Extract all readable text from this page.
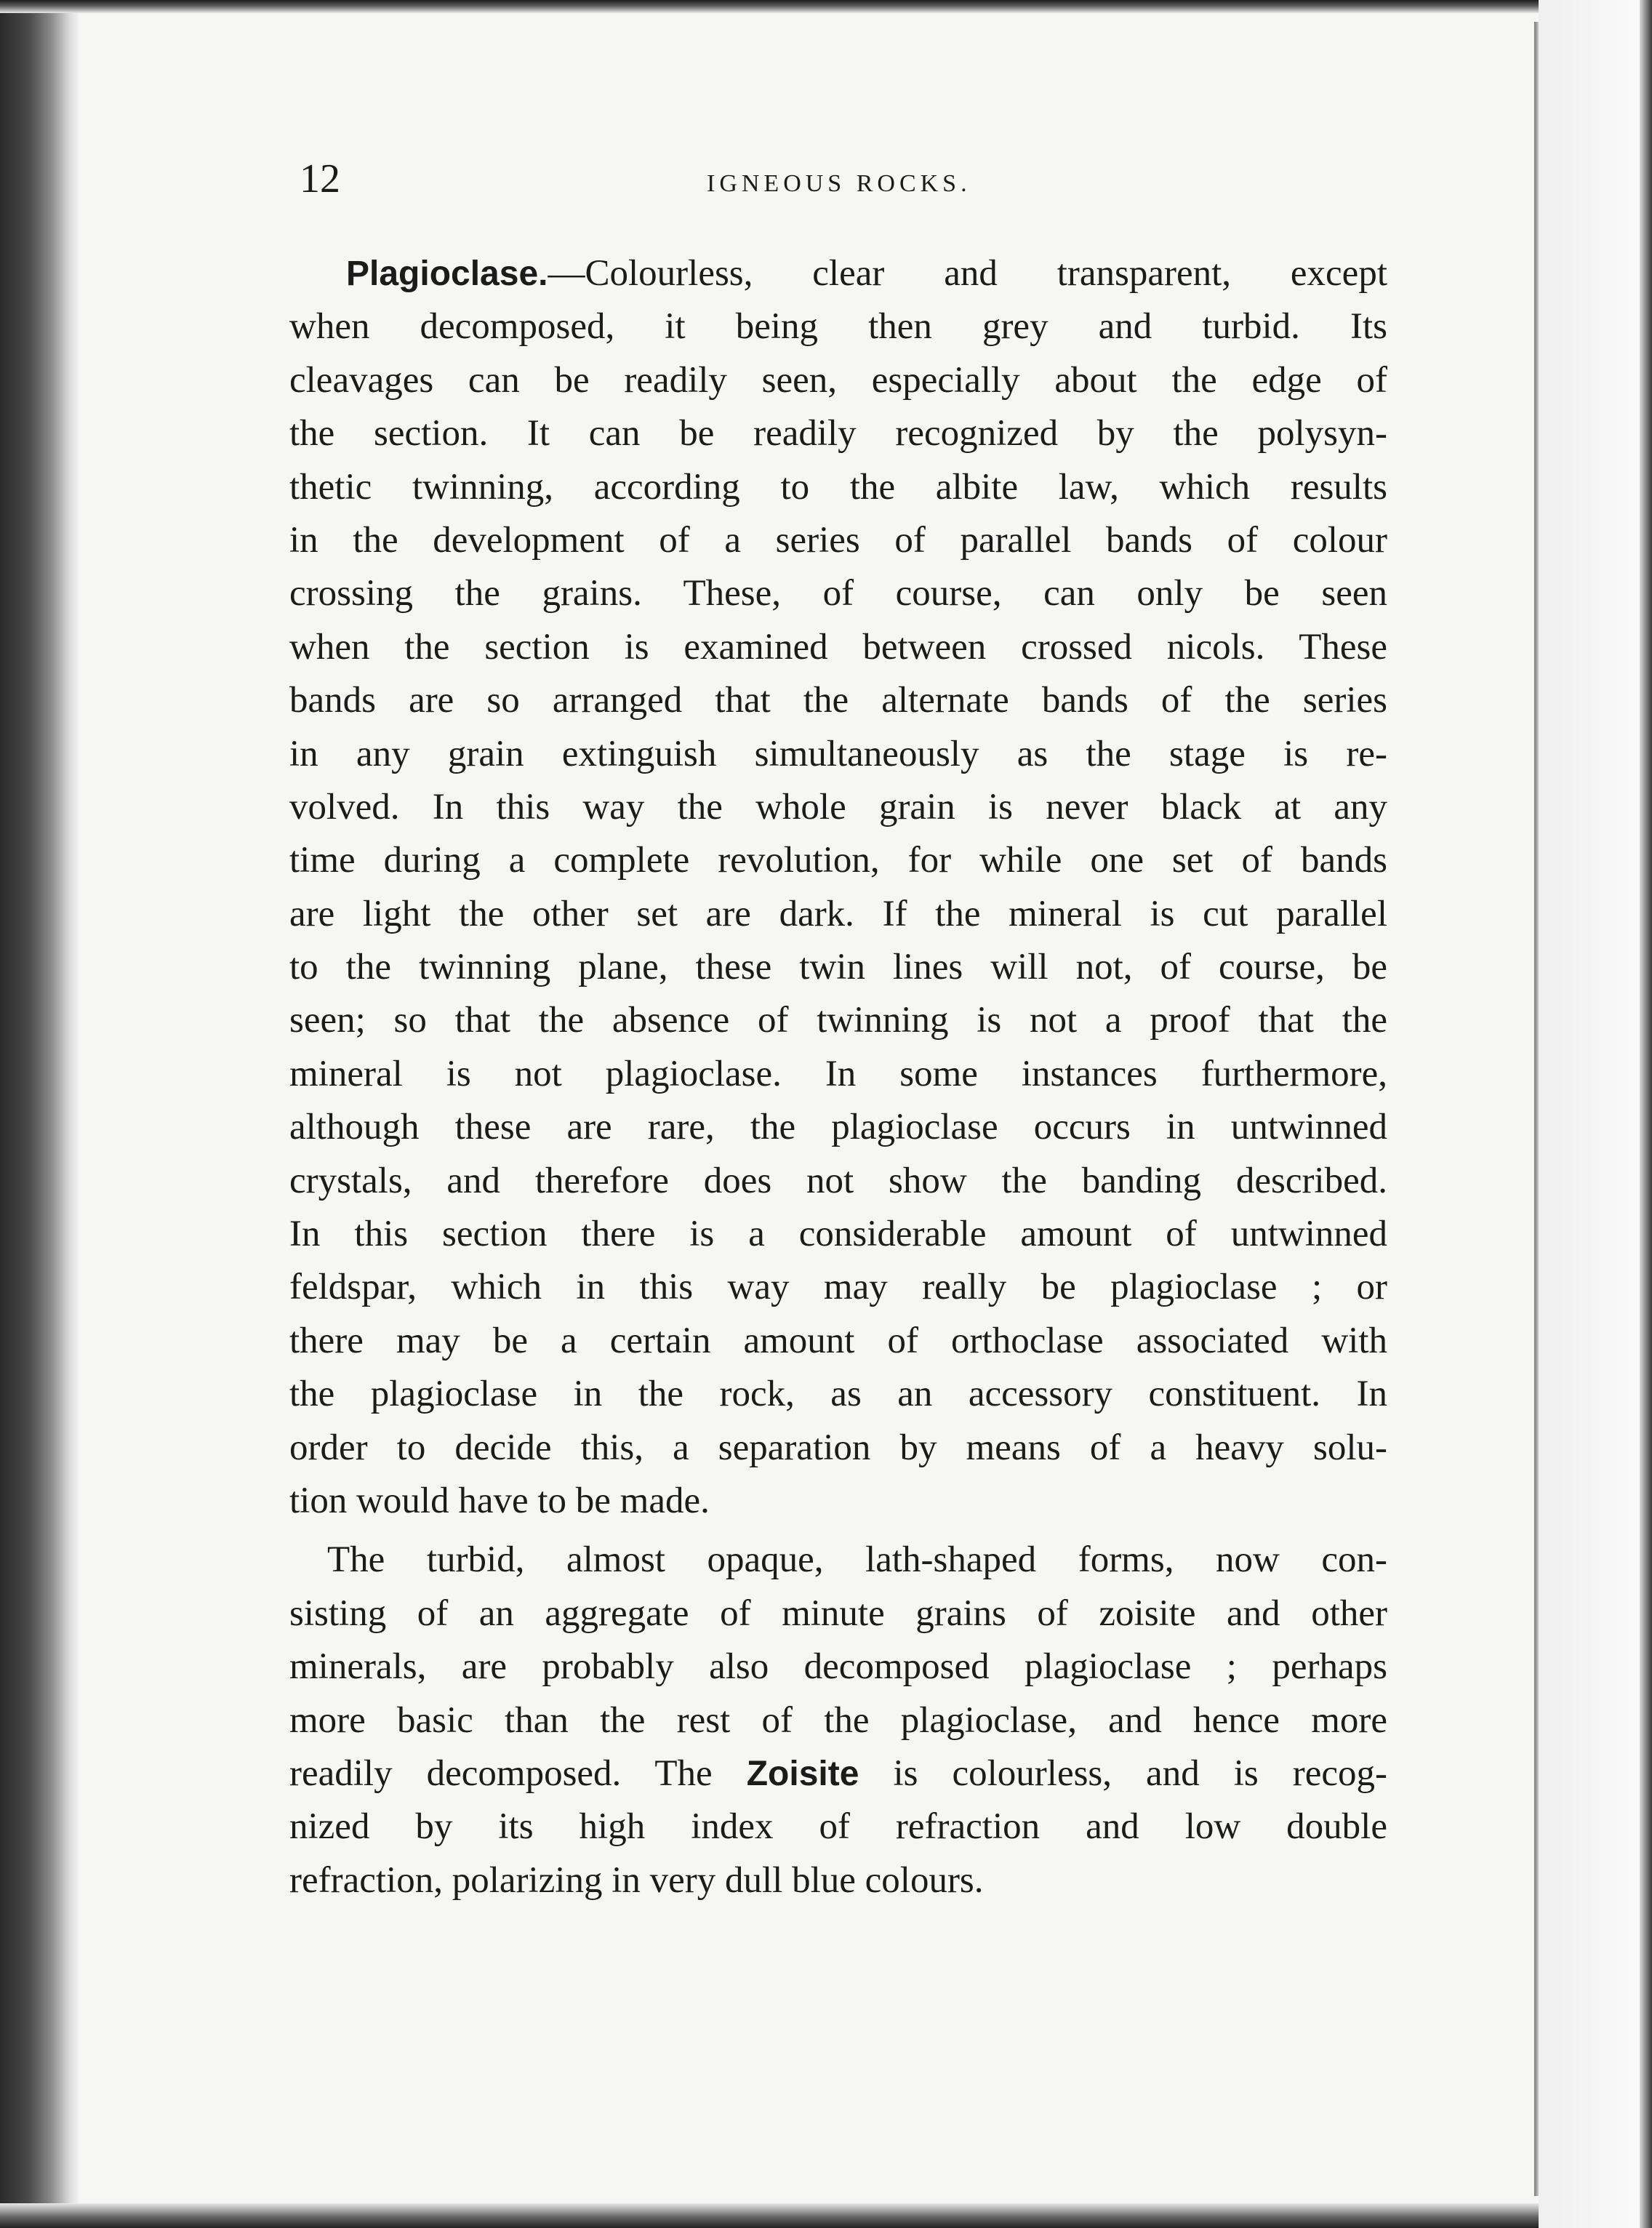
12	IGNEOUS ROCKS.
Plagioclase.—Colourless, clear and transparent, except
when decomposed, it being then grey and turbid. Its
cleavages can be readily seen, especially about the edge of
the section. It can be readily recognized by the polysyn-
thetic twinning, according to the albite law, which results
in the development of a series of parallel bands of colour
crossing the grains. These, of course, can only be seen
when the section is examined between crossed nicols. These
bands are so arranged that the alternate bands of the series
in any grain extinguish simultaneously as the stage is re-
volved. In this way the whole grain is never black at any
time during a complete revolution, for while one set of bands
are light the other set are dark. If the mineral is cut parallel
to the twinning plane, these twin lines will not, of course, be
seen; so that the absence of twinning is not a proof that the
mineral is not plagioclase. In some instances furthermore,
although these are rare, the plagioclase occurs in untwinned
crystals, and therefore does not show the banding described.
In this section there is a considerable amount of untwinned
feldspar, which in this way may really be plagioclase ; or
there may be a certain amount of orthoclase associated with
the plagioclase in the rock, as an accessory constituent. In
order to decide this, a separation by means of a heavy solu-
tion would have to be made.
The turbid, almost opaque, lath-shaped forms, now con-
sisting of an aggregate of minute grains of zoisite and other
minerals, are probably also decomposed plagioclase ; perhaps
more basic than the rest of the plagioclase, and hence more
readily decomposed. The Zoisite is colourless, and is recog-
nized by its high index of refraction and low double
refraction, polarizing in very dull blue colours.
